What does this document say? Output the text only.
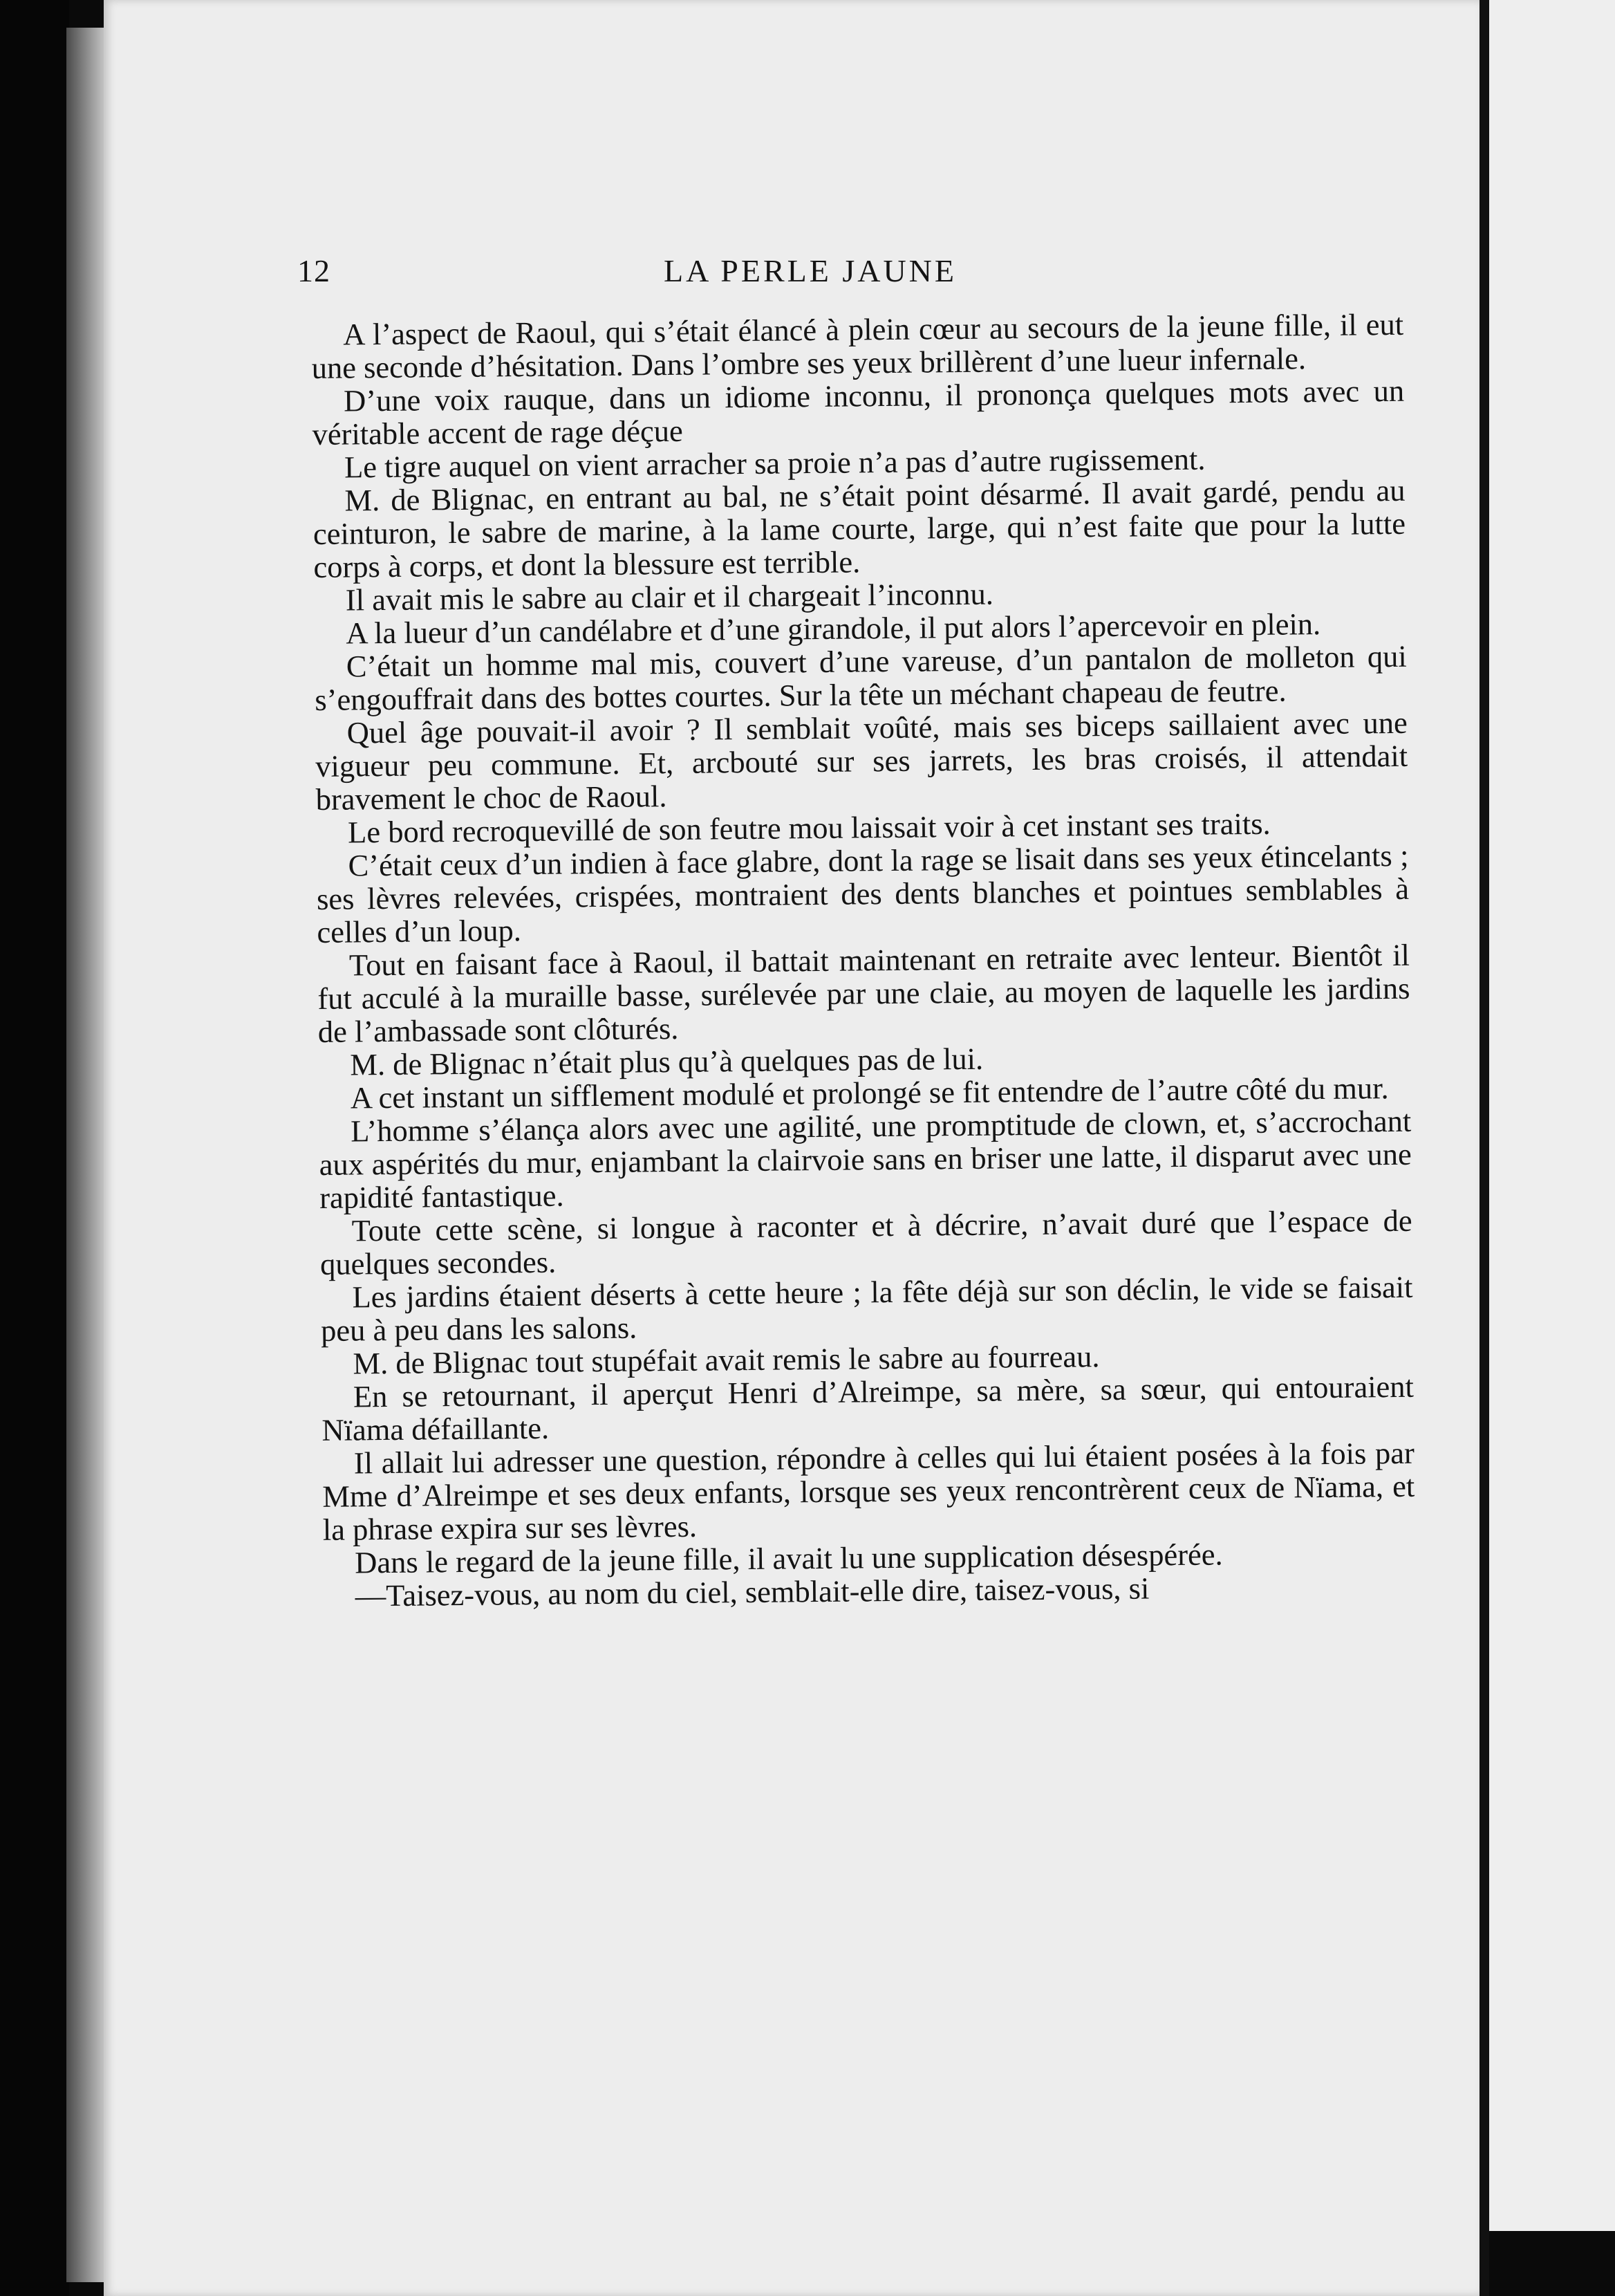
12	LA PERLE JAUNE

A l’aspect de Raoul, qui s’était élancé à plein cœur au secours de la jeune fille, il eut une seconde d’hésitation. Dans l’ombre ses yeux brillèrent d’une lueur infernale.

D’une voix rauque, dans un idiome inconnu, il prononça quelques mots avec un véritable accent de rage déçue

Le tigre auquel on vient arracher sa proie n’a pas d’autre rugissement.

M. de Blignac, en entrant au bal, ne s’était point désarmé. Il avait gardé, pendu au ceinturon, le sabre de marine, à la lame courte, large, qui n’est faite que pour la lutte corps à corps, et dont la blessure est terrible.

Il avait mis le sabre au clair et il chargeait l’inconnu.

A la lueur d’un candélabre et d’une girandole, il put alors l’apercevoir en plein.

C’était un homme mal mis, couvert d’une vareuse, d’un pantalon de molleton qui s’engouffrait dans des bottes courtes. Sur la tête un méchant chapeau de feutre.

Quel âge pouvait-il avoir ? Il semblait voûté, mais ses biceps saillaient avec une vigueur peu commune. Et, arcbouté sur ses jarrets, les bras croisés, il attendait bravement le choc de Raoul.

Le bord recroquevillé de son feutre mou laissait voir à cet instant ses traits.

C’était ceux d’un indien à face glabre, dont la rage se lisait dans ses yeux étincelants ; ses lèvres relevées, crispées, montraient des dents blanches et pointues semblables à celles d’un loup.

Tout en faisant face à Raoul, il battait maintenant en retraite avec lenteur. Bientôt il fut acculé à la muraille basse, surélevée par une claie, au moyen de laquelle les jardins de l’ambassade sont clôturés.

M. de Blignac n’était plus qu’à quelques pas de lui.

A cet instant un sifflement modulé et prolongé se fit entendre de l’autre côté du mur.

L’homme s’élança alors avec une agilité, une promptitude de clown, et, s’accrochant aux aspérités du mur, enjambant la clairvoie sans en briser une latte, il disparut avec une rapidité fantastique.

Toute cette scène, si longue à raconter et à décrire, n’avait duré que l’espace de quelques secondes.

Les jardins étaient déserts à cette heure ; la fête déjà sur son déclin, le vide se faisait peu à peu dans les salons.

M. de Blignac tout stupéfait avait remis le sabre au fourreau.

En se retournant, il aperçut Henri d’Alreimpe, sa mère, sa sœur, qui entouraient Nïama défaillante.

Il allait lui adresser une question, répondre à celles qui lui étaient posées à la fois par Mme d’Alreimpe et ses deux enfants, lorsque ses yeux rencontrèrent ceux de Nïama, et la phrase expira sur ses lèvres.

Dans le regard de la jeune fille, il avait lu une supplication désespérée.

—Taisez-vous, au nom du ciel, semblait-elle dire, taisez-vous, si
